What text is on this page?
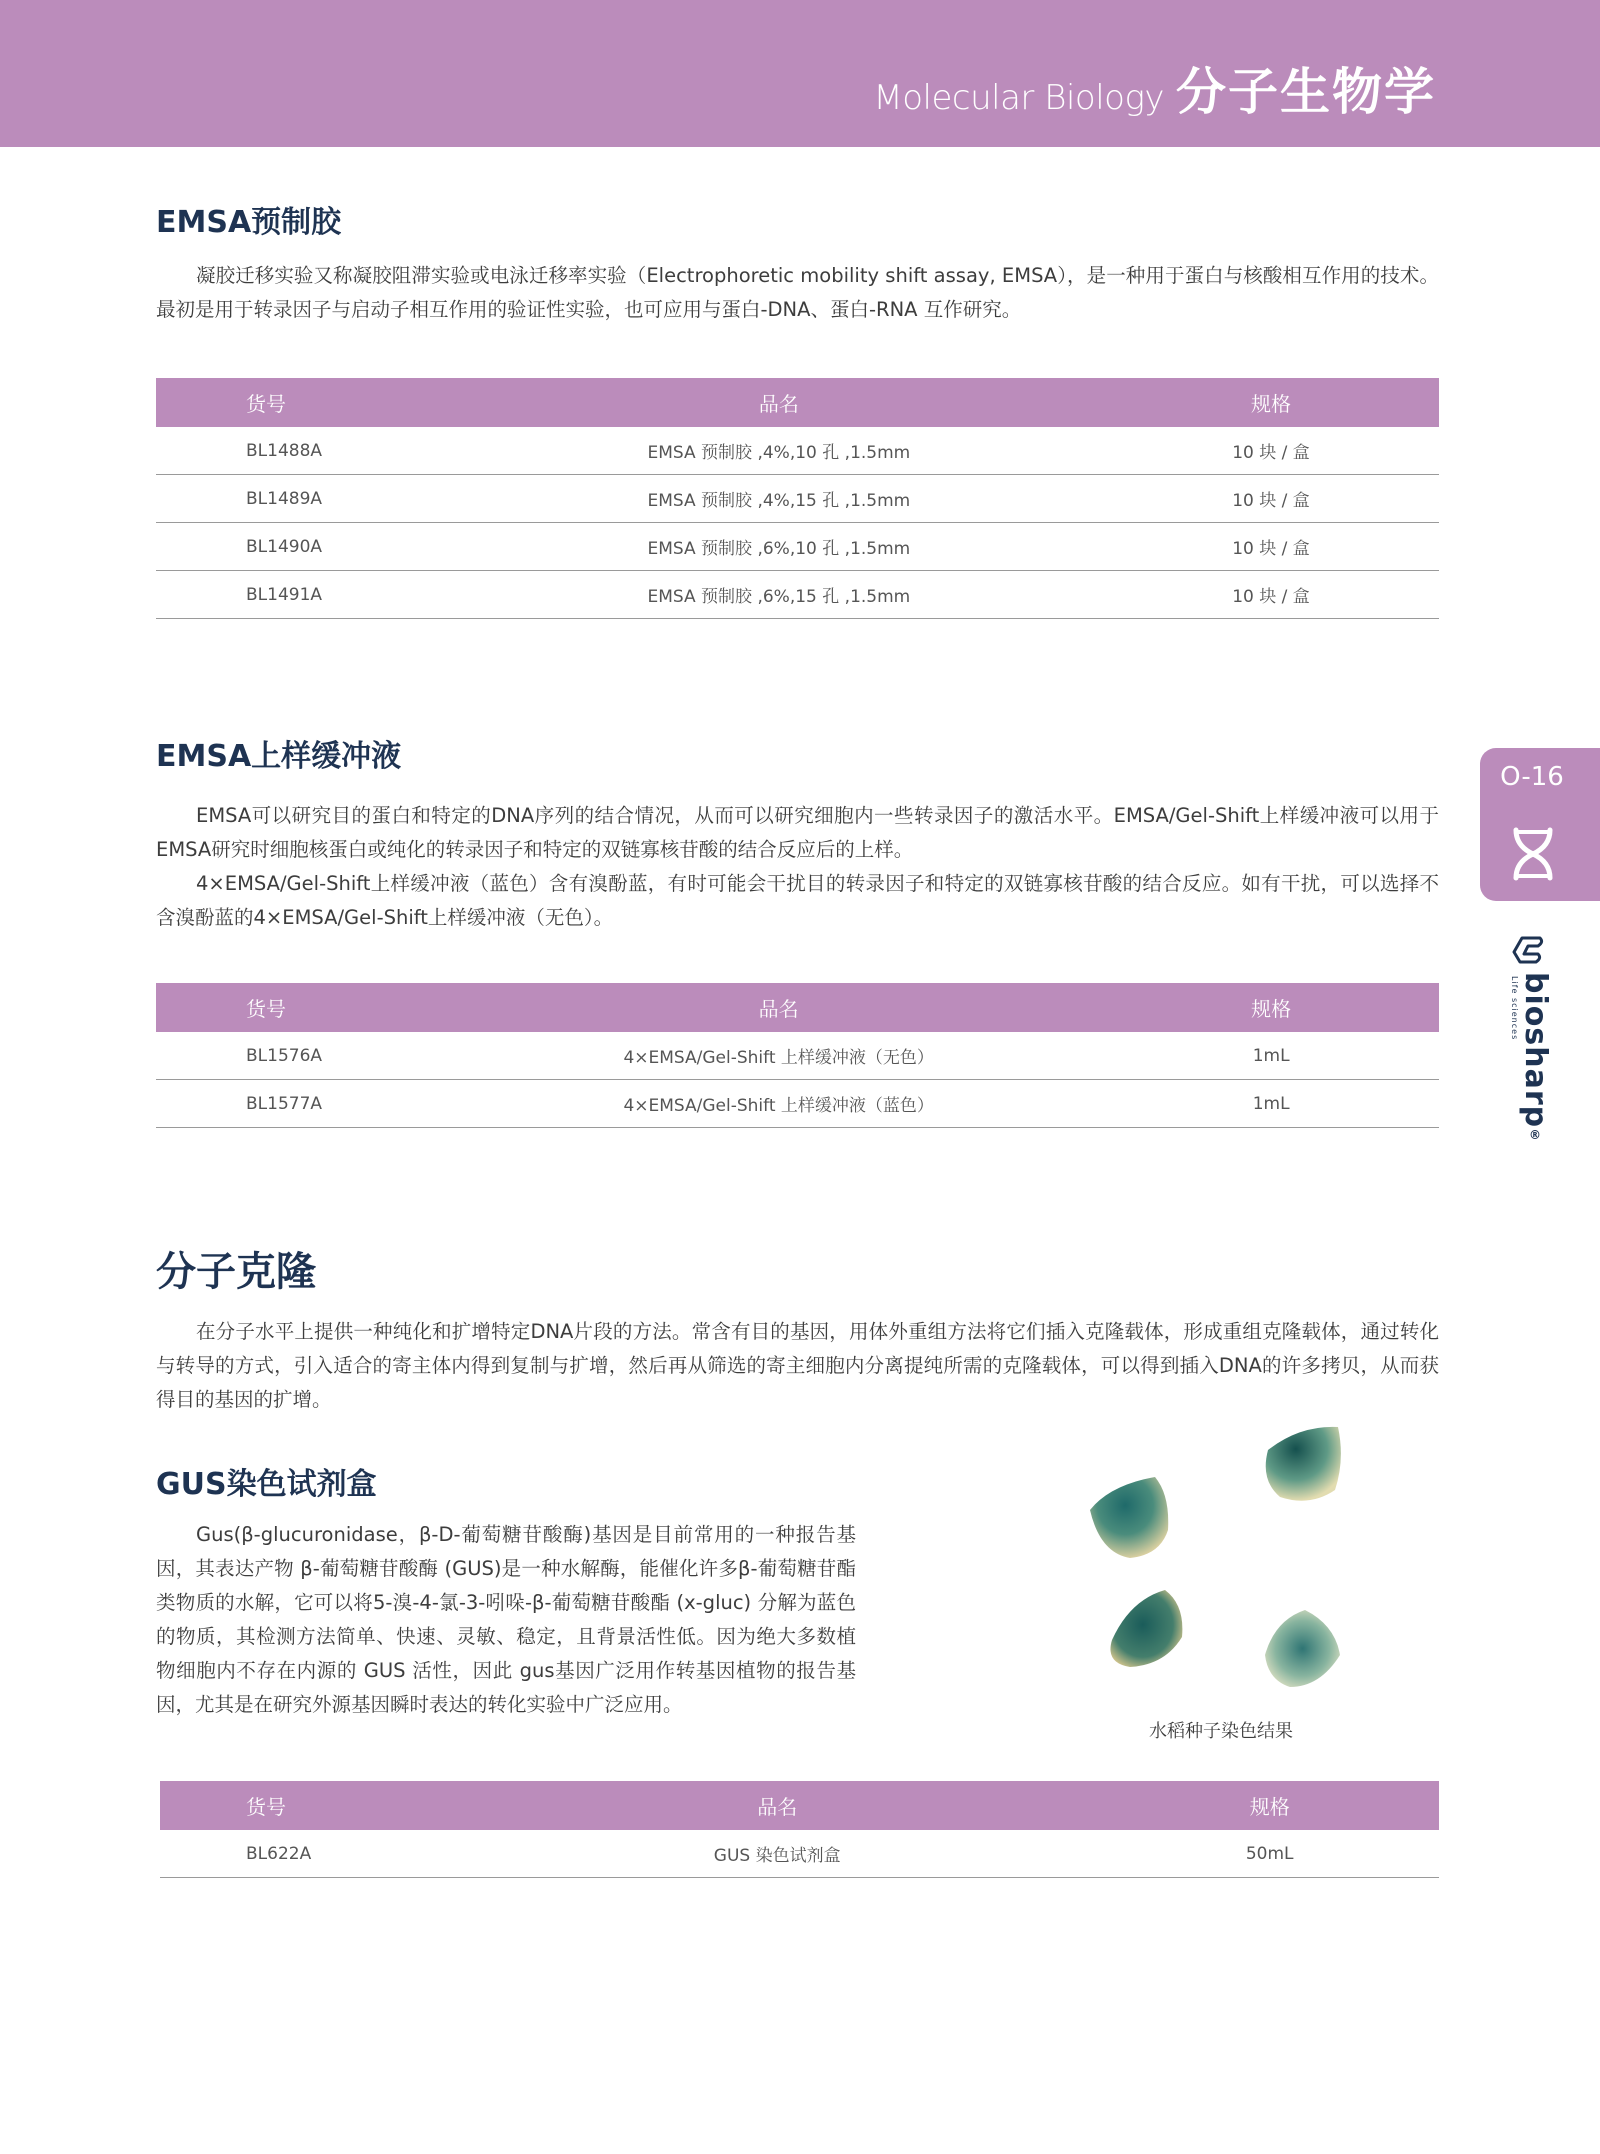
Molecular Biology 分子生物学
O-16
Life sciences biosharp®
EMSA预制胶

凝胶迁移实验又称凝胶阻滞实验或电泳迁移率实验（Electrophoretic mobility shift assay, EMSA），是一种用于蛋白与核酸相互作用的技术。最初是用于转录因子与启动子相互作用的验证性实验，也可应用与蛋白-DNA、蛋白-RNA 互作研究。

货号	品名	规格
BL1488A	EMSA 预制胶 ,4%,10 孔 ,1.5mm	10 块 / 盒
BL1489A	EMSA 预制胶 ,4%,15 孔 ,1.5mm	10 块 / 盒
BL1490A	EMSA 预制胶 ,6%,10 孔 ,1.5mm	10 块 / 盒
BL1491A	EMSA 预制胶 ,6%,15 孔 ,1.5mm	10 块 / 盒
EMSA上样缓冲液

EMSA可以研究目的蛋白和特定的DNA序列的结合情况，从而可以研究细胞内一些转录因子的激活水平。EMSA/Gel-Shift上样缓冲液可以用于EMSA研究时细胞核蛋白或纯化的转录因子和特定的双链寡核苷酸的结合反应后的上样。

4×EMSA/Gel-Shift上样缓冲液（蓝色）含有溴酚蓝，有时可能会干扰目的转录因子和特定的双链寡核苷酸的结合反应。如有干扰，可以选择不含溴酚蓝的4×EMSA/Gel-Shift上样缓冲液（无色）。

货号	品名	规格
BL1576A	4×EMSA/Gel-Shift 上样缓冲液（无色）	1mL
BL1577A	4×EMSA/Gel-Shift 上样缓冲液（蓝色）	1mL
分子克隆

在分子水平上提供一种纯化和扩增特定DNA片段的方法。常含有目的基因，用体外重组方法将它们插入克隆载体，形成重组克隆载体，通过转化与转导的方式，引入适合的寄主体内得到复制与扩增，然后再从筛选的寄主细胞内分离提纯所需的克隆载体，可以得到插入DNA的许多拷贝，从而获得目的基因的扩增。

GUS染色试剂盒

Gus(β-glucuronidase，β-D-葡萄糖苷酸酶)基因是目前常用的一种报告基因，其表达产物 β-葡萄糖苷酸酶 (GUS)是一种水解酶，能催化许多β-葡萄糖苷酯类物质的水解，它可以将5-溴-4-氯-3-吲哚-β-葡萄糖苷酸酯 (x-gluc) 分解为蓝色的物质，其检测方法简单、快速、灵敏、稳定，且背景活性低。因为绝大多数植物细胞内不存在内源的 GUS 活性，因此 gus基因广泛用作转基因植物的报告基因，尤其是在研究外源基因瞬时表达的转化实验中广泛应用。

水稻种子染色结果
货号	品名	规格
BL622A	GUS 染色试剂盒	50mL
